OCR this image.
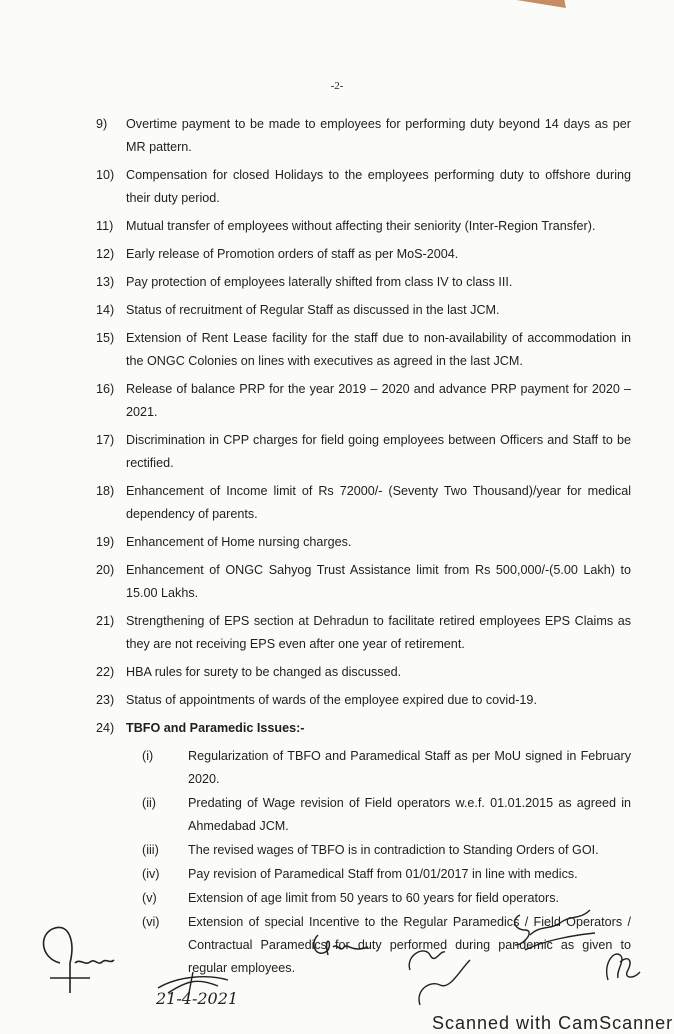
-2-
9)	Overtime payment to be made to employees for performing duty beyond 14 days as per MR pattern.
10) Compensation for closed Holidays to the employees performing duty to offshore during their duty period.
11)	Mutual transfer of employees without affecting their seniority (Inter-Region Transfer).
12) Early release of Promotion orders of staff as per MoS-2004.
13) Pay protection of employees laterally shifted from class IV to class III.
14) Status of recruitment of Regular Staff as discussed in the last JCM.
15) Extension of Rent Lease facility for the staff due to non-availability of accommodation in the ONGC Colonies on lines with executives as agreed in the last JCM.
16) Release of balance PRP for the year 2019 – 2020 and advance PRP payment for 2020 – 2021.
17) Discrimination in CPP charges for field going employees between Officers and Staff to be rectified.
18) Enhancement of Income limit of Rs 72000/- (Seventy Two Thousand)/year for medical dependency of parents.
19) Enhancement of Home nursing charges.
20) Enhancement of ONGC Sahyog Trust Assistance limit from Rs 500,000/-(5.00 Lakh) to 15.00 Lakhs.
21) Strengthening of EPS section at Dehradun to facilitate retired employees EPS Claims as they are not receiving EPS even after one year of retirement.
22) HBA rules for surety to be changed as discussed.
23) Status of appointments of wards of the employee expired due to covid-19.
24) TBFO and Paramedic Issues:-
(i)	Regularization of TBFO and Paramedical Staff as per MoU signed in February 2020.
(ii)	Predating of Wage revision of Field operators w.e.f. 01.01.2015 as agreed in Ahmedabad JCM.
(iii)	The revised wages of TBFO is in contradiction to Standing Orders of GOI.
(iv)	Pay revision of Paramedical Staff from 01/01/2017 in line with medics.
(v)	Extension of age limit from 50 years to 60 years for field operators.
(vi)	Extension of special Incentive to the Regular Paramedics / Field Operators / Contractual Paramedics for duty performed during pandemic as given to regular employees.
21-4-2021
Scanned with CamScanner
